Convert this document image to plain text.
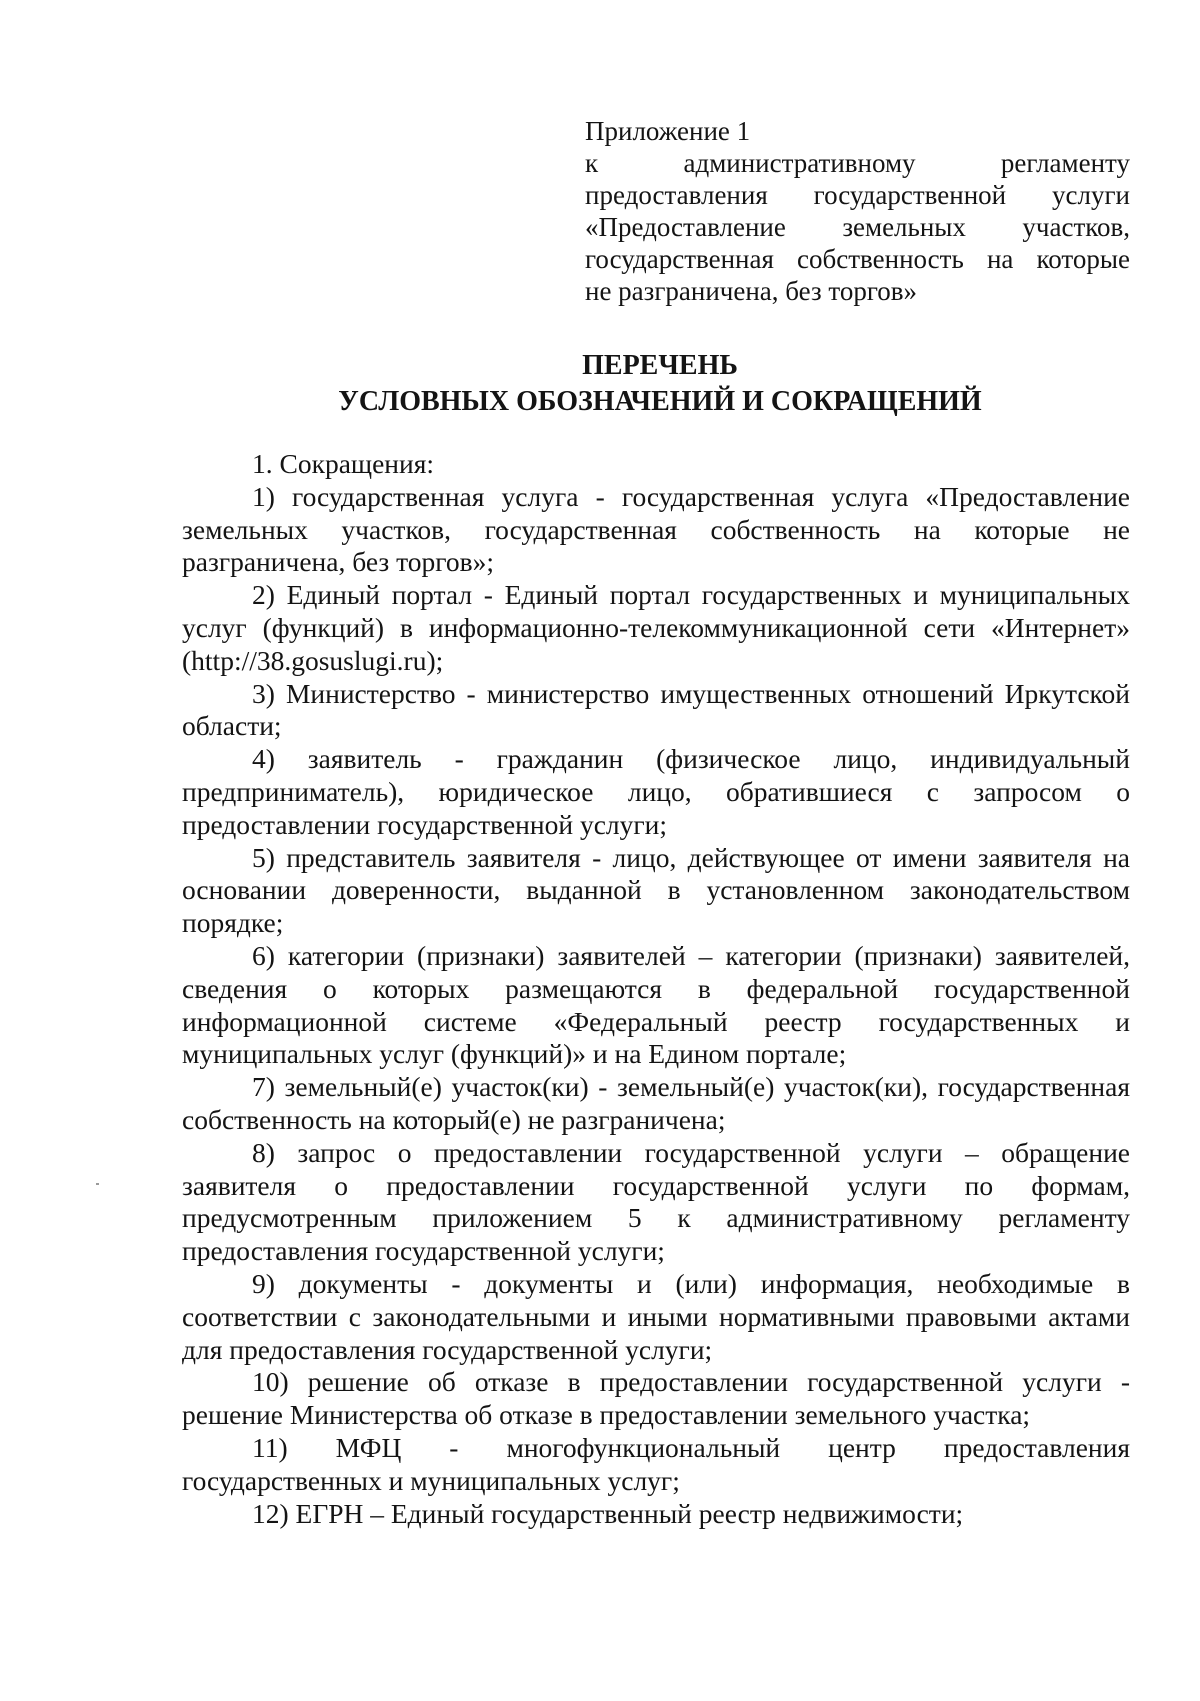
Приложение 1
к административному регламенту
предоставления государственной услуги
«Предоставление земельных участков,
государственная собственность на которые
не разграничена, без торгов»
ПЕРЕЧЕНЬ
УСЛОВНЫХ ОБОЗНАЧЕНИЙ И СОКРАЩЕНИЙ
1. Сокращения:
1) государственная услуга - государственная услуга «Предоставление земельных участков, государственная собственность на которые не разграничена, без торгов»;
2) Единый портал - Единый портал государственных и муниципальных услуг (функций) в информационно-телекоммуникационной сети «Интернет» (http://38.gosuslugi.ru);
3) Министерство - министерство имущественных отношений Иркутской области;
4) заявитель - гражданин (физическое лицо, индивидуальный предприниматель), юридическое лицо, обратившиеся с запросом о предоставлении государственной услуги;
5) представитель заявителя - лицо, действующее от имени заявителя на основании доверенности, выданной в установленном законодательством порядке;
6) категории (признаки) заявителей – категории (признаки) заявителей, сведения о которых размещаются в федеральной государственной информационной системе «Федеральный реестр государственных и муниципальных услуг (функций)» и на Едином портале;
7) земельный(е) участок(ки) - земельный(е) участок(ки), государственная собственность на который(е) не разграничена;
8) запрос о предоставлении государственной услуги – обращение заявителя о предоставлении государственной услуги по формам, предусмотренным приложением 5 к административному регламенту предоставления государственной услуги;
9) документы - документы и (или) информация, необходимые в соответствии с законодательными и иными нормативными правовыми актами для предоставления государственной услуги;
10) решение об отказе в предоставлении государственной услуги - решение Министерства об отказе в предоставлении земельного участка;
11) МФЦ - многофункциональный центр предоставления государственных и муниципальных услуг;
12) ЕГРН – Единый государственный реестр недвижимости;
